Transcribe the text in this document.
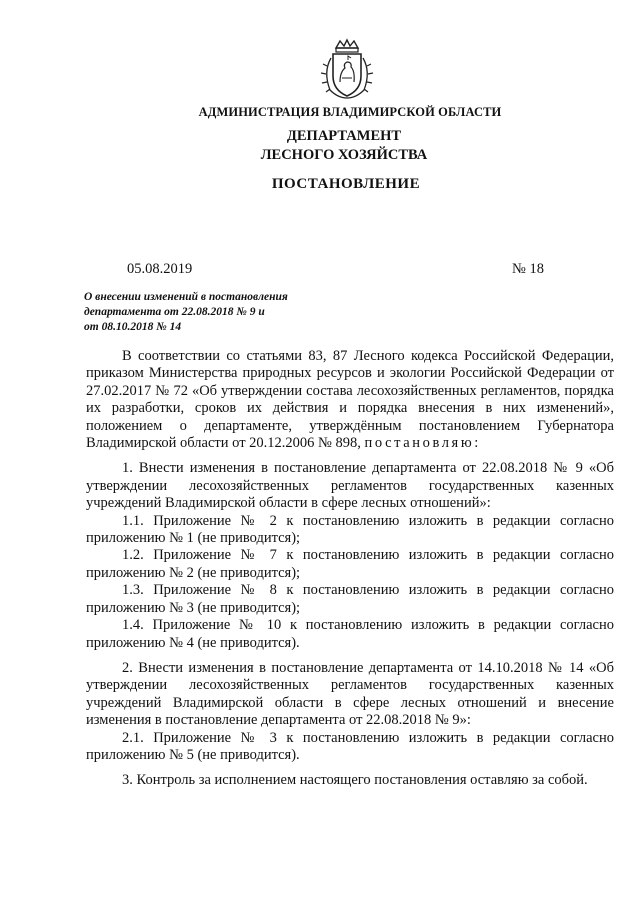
АДМИНИСТРАЦИЯ ВЛАДИМИРСКОЙ ОБЛАСТИ
ДЕПАРТАМЕНТ
ЛЕСНОГО ХОЗЯЙСТВА
ПОСТАНОВЛЕНИЕ
05.08.2019	№ 18
О внесении изменений в постановления
департамента от 22.08.2018 № 9 и
от 08.10.2018 № 14

В соответствии со статьями 83, 87 Лесного кодекса Российской Федерации, приказом Министерства природных ресурсов и экологии Российской Федерации от 27.02.2017 № 72 «Об утверждении состава лесохозяйственных регламентов, порядка их разработки, сроков их действия и порядка внесения в них изменений», положением о департаменте, утверждённым постановлением Губернатора Владимирской области от 20.12.2006 № 898, постановляю:

1. Внести изменения в постановление департамента от 22.08.2018 № 9 «Об утверждении лесохозяйственных регламентов государственных казенных учреждений Владимирской области в сфере лесных отношений»:

1.1. Приложение № 2 к постановлению изложить в редакции согласно приложению № 1 (не приводится);

1.2. Приложение № 7 к постановлению изложить в редакции согласно приложению № 2 (не приводится);

1.3. Приложение № 8 к постановлению изложить в редакции согласно приложению № 3 (не приводится);

1.4. Приложение № 10 к постановлению изложить в редакции согласно приложению № 4 (не приводится).

2. Внести изменения в постановление департамента от 14.10.2018 № 14 «Об утверждении лесохозяйственных регламентов государственных казенных учреждений Владимирской области в сфере лесных отношений и внесение изменения в постановление департамента от 22.08.2018 № 9»:

2.1. Приложение № 3 к постановлению изложить в редакции согласно приложению № 5 (не приводится).

3. Контроль за исполнением настоящего постановления оставляю за собой.
